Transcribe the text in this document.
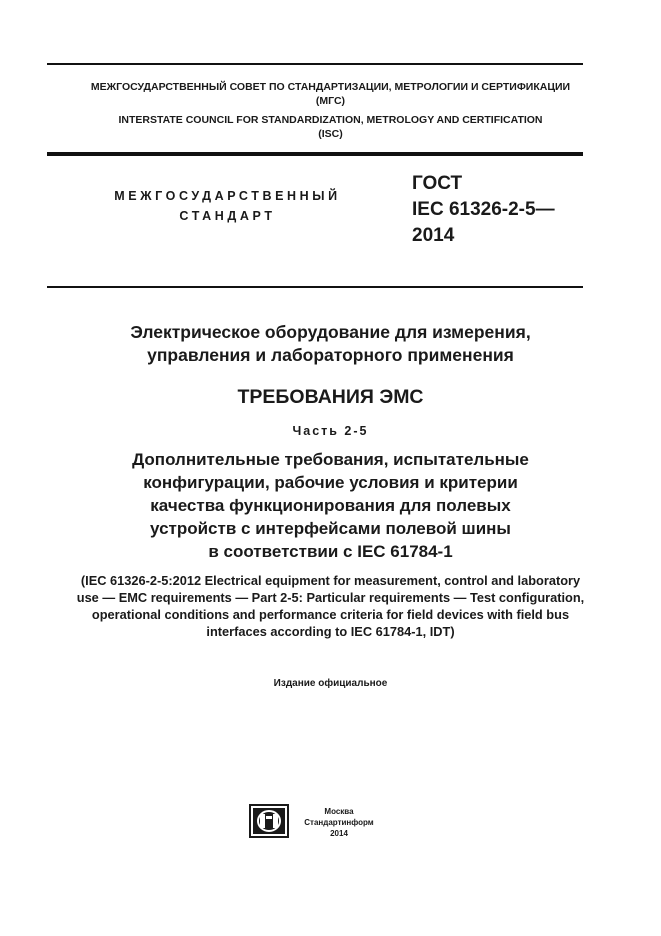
МЕЖГОСУДАРСТВЕННЫЙ СОВЕТ ПО СТАНДАРТИЗАЦИИ, МЕТРОЛОГИИ И СЕРТИФИКАЦИИ
(МГС)
INTERSTATE COUNCIL FOR STANDARDIZATION, METROLOGY AND CERTIFICATION
(ISC)
МЕЖГОСУДАРСТВЕННЫЙ
СТАНДАРТ
ГОСТ
IEC 61326-2-5—
2014
Электрическое оборудование для измерения,
управления и лабораторного применения
ТРЕБОВАНИЯ ЭМС
Часть 2-5
Дополнительные требования, испытательные
конфигурации, рабочие условия и критерии
качества функционирования для полевых
устройств с интерфейсами полевой шины
в соответствии с IEC 61784-1
(IEC 61326-2-5:2012 Electrical equipment for measurement, control and laboratory
use — EMC requirements — Part 2-5: Particular requirements — Test configuration,
operational conditions and performance criteria for field devices with field bus
interfaces according to IEC 61784-1, IDT)
Издание официальное
Москва
Стандартинформ
2014
